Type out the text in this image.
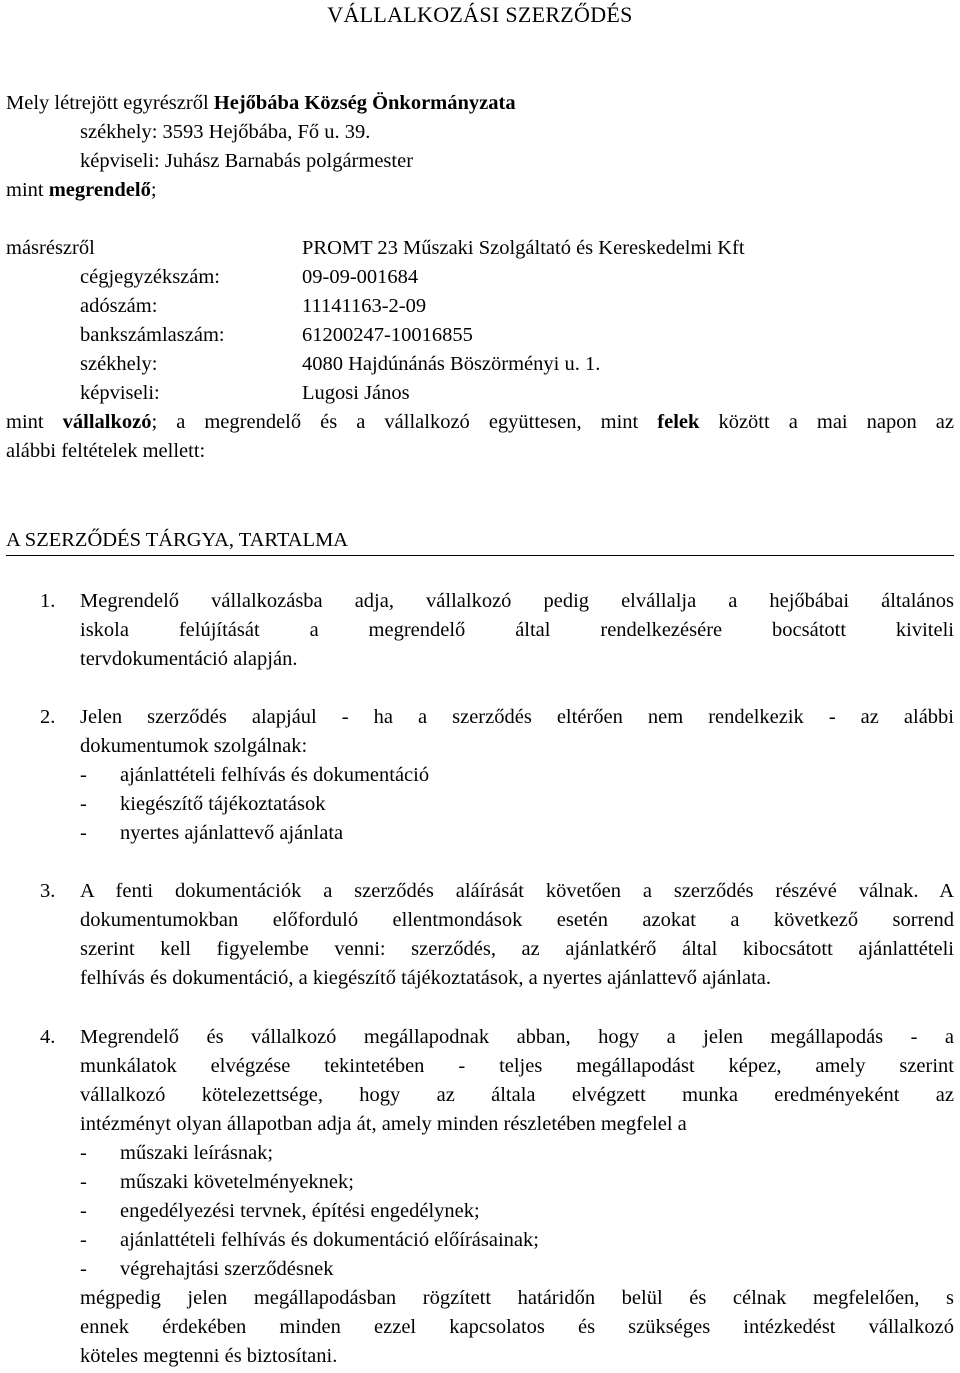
VÁLLALKOZÁSI SZERZŐDÉS
Mely létrejött egyrészről Hejőbába Község Önkormányzata
székhely: 3593 Hejőbába, Fő u. 39.
képviseli: Juhász Barnabás polgármester
mint megrendelő;
másrészről	PROMT 23 Műszaki Szolgáltató és Kereskedelmi Kft
cégjegyzékszám:	09-09-001684
adószám:	11141163-2-09
bankszámlaszám:	61200247-10016855
székhely:	4080 Hajdúnánás Böszörményi u. 1.
képviseli:	Lugosi János
mint vállalkozó; a megrendelő és a vállalkozó együttesen, mint felek között a mai napon az
alábbi feltételek mellett:
A SZERZŐDÉS TÁRGYA, TARTALMA
1. Megrendelő vállalkozásba adja, vállalkozó pedig elvállalja a hejőbábai általános
iskola felújítását a megrendelő által rendelkezésére bocsátott kiviteli
tervdokumentáció alapján.
2. Jelen szerződés alapjául - ha a szerződés eltérően nem rendelkezik - az alábbi
dokumentumok szolgálnak:
-	ajánlattételi felhívás és dokumentáció
-	kiegészítő tájékoztatások
-	nyertes ajánlattevő ajánlata
3. A fenti dokumentációk a szerződés aláírását követően a szerződés részévé válnak. A
dokumentumokban előforduló ellentmondások esetén azokat a következő sorrend
szerint kell figyelembe venni: szerződés, az ajánlatkérő által kibocsátott ajánlattételi
felhívás és dokumentáció, a kiegészítő tájékoztatások, a nyertes ajánlattevő ajánlata.
4. Megrendelő és vállalkozó megállapodnak abban, hogy a jelen megállapodás - a
munkálatok elvégzése tekintetében - teljes megállapodást képez, amely szerint
vállalkozó kötelezettsége, hogy az általa elvégzett munka eredményeként az
intézményt olyan állapotban adja át, amely minden részletében megfelel a
-	műszaki leírásnak;
-	műszaki követelményeknek;
-	engedélyezési tervnek, építési engedélynek;
-	ajánlattételi felhívás és dokumentáció előírásainak;
-	végrehajtási szerződésnek
mégpedig jelen megállapodásban rögzített határidőn belül és célnak megfelelően, s
ennek érdekében minden ezzel kapcsolatos és szükséges intézkedést vállalkozó
köteles megtenni és biztosítani.
